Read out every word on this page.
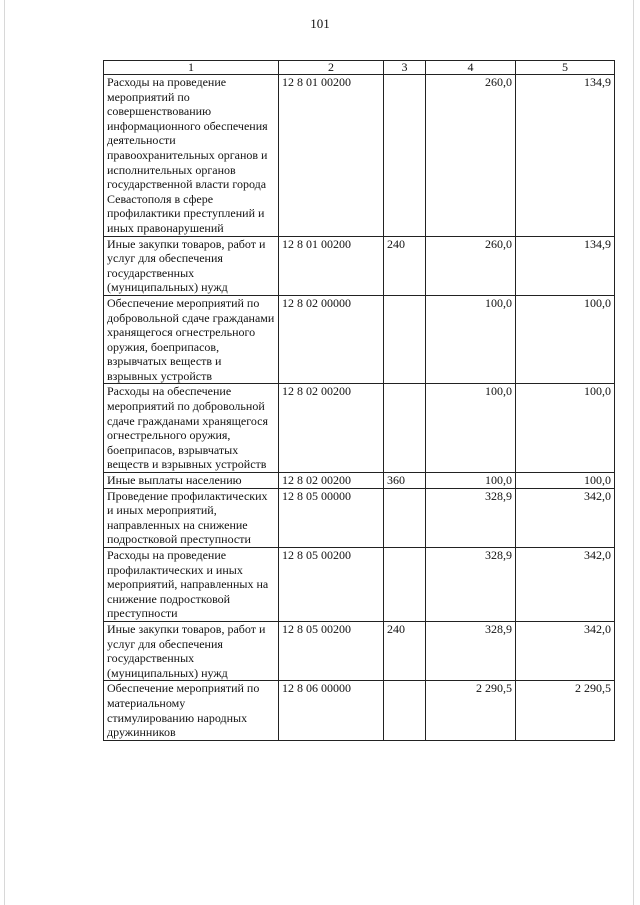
101
1	2	3	4	5
Расходы на проведение мероприятий по совершенствованию информационного обеспечения деятельности правоохранительных органов и исполнительных органов государственной власти города Севастополя в сфере профилактики преступлений и иных правонарушений	12 8 01 00200		260,0	134,9
Иные закупки товаров, работ и услуг для обеспечения государственных (муниципальных) нужд	12 8 01 00200	240	260,0	134,9
Обеспечение мероприятий по добровольной сдаче гражданами хранящегося огнестрельного оружия, боеприпасов, взрывчатых веществ и взрывных устройств	12 8 02 00000		100,0	100,0
Расходы на обеспечение мероприятий по добровольной сдаче гражданами хранящегося огнестрельного оружия, боеприпасов, взрывчатых веществ и взрывных устройств	12 8 02 00200		100,0	100,0
Иные выплаты населению	12 8 02 00200	360	100,0	100,0
Проведение профилактических и иных мероприятий, направленных на снижение подростковой преступности	12 8 05 00000		328,9	342,0
Расходы на проведение профилактических и иных мероприятий, направленных на снижение подростковой преступности	12 8 05 00200		328,9	342,0
Иные закупки товаров, работ и услуг для обеспечения государственных (муниципальных) нужд	12 8 05 00200	240	328,9	342,0
Обеспечение мероприятий по материальному стимулированию народных дружинников	12 8 06 00000		2 290,5	2 290,5
